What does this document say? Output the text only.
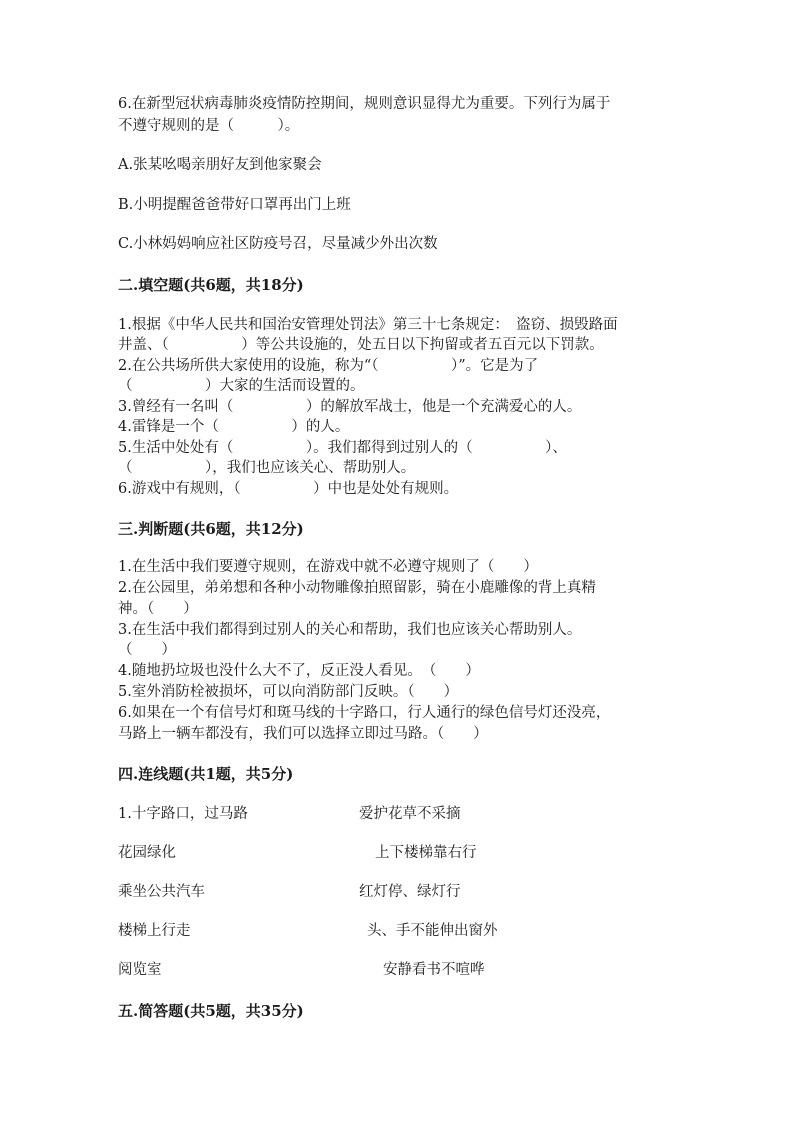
6.在新型冠状病毒肺炎疫情防控期间，规则意识显得尤为重要。下列行为属于
不遵守规则的是（　　　）。
A.张某吆喝亲朋好友到他家聚会
B.小明提醒爸爸带好口罩再出门上班
C.小林妈妈响应社区防疫号召，尽量减少外出次数
二.填空题(共6题，共18分)
1.根据《中华人民共和国治安管理处罚法》第三十七条规定：　盗窃、损毁路面
井盖、（　　　　　）等公共设施的，处五日以下拘留或者五百元以下罚款。
2.在公共场所供大家使用的设施，称为“（　　　　　）”。它是为了
（　　　　　）大家的生活而设置的。
3.曾经有一名叫（　　　　　）的解放军战士，他是一个充满爱心的人。
4.雷锋是一个（　　　　　）的人。
5.生活中处处有（　　　　　）。我们都得到过别人的（　　　　　）、
（　　　　　），我们也应该关心、帮助别人。
6.游戏中有规则，（　　　　　）中也是处处有规则。
三.判断题(共6题，共12分)
1.在生活中我们要遵守规则，在游戏中就不必遵守规则了（　　）
2.在公园里，弟弟想和各种小动物雕像拍照留影，骑在小鹿雕像的背上真精
神。（　　）
3.在生活中我们都得到过别人的关心和帮助，我们也应该关心帮助别人。
（　　）
4.随地扔垃圾也没什么大不了，反正没人看见。　（　　）
5.室外消防栓被损坏，可以向消防部门反映。（　　）
6.如果在一个有信号灯和斑马线的十字路口，行人通行的绿色信号灯还没亮，
马路上一辆车都没有，我们可以选择立即过马路。（　　）
四.连线题(共1题，共5分)
1.十字路口，过马路	爱护花草不采摘
花园绿化	上下楼梯靠右行
乘坐公共汽车	红灯停、绿灯行
楼梯上行走	头、手不能伸出窗外
阅览室	安静看书不喧哗
五.简答题(共5题，共35分)
